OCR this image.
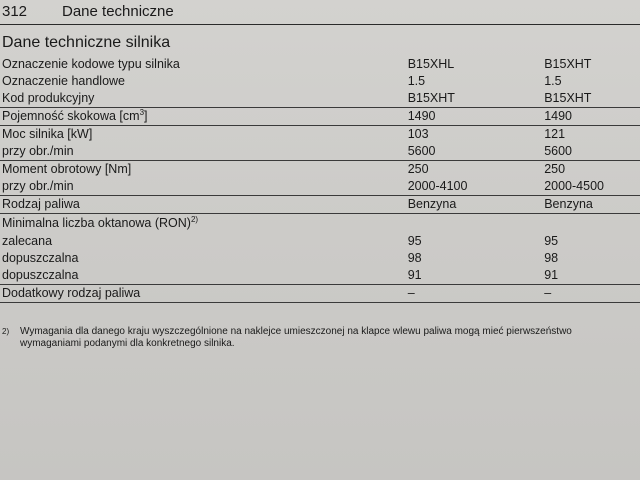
312 Dane techniczne
Dane techniczne silnika
Oznaczenie kodowe typu silnika	B15XHL	B15XHT
Oznaczenie handlowe	1.5	1.5
Kod produkcyjny	B15XHT	B15XHT
Pojemność skokowa $[cm^3]$	1490	1490
Moc silnika [kW]	103	121
przy obr./min	5600	5600
Moment obrotowy [Nm]	250	250
przy obr./min	2000-4100	2000-4500
Rodzaj paliwa	Benzyna	Benzyna
Minimalna liczba oktanowa (RON)$^{2)}$		
zalecana	95	95
dopuszczalna	98	98
dopuszczalna	91	91
Dodatkowy rodzaj paliwa	–	–
2) Wymagania dla danego kraju wyszczególnione na naklejce umieszczonej na klapce wlewu paliwa mogą mieć pierwszeństwo
wymaganiami podanymi dla konkretnego silnika.
